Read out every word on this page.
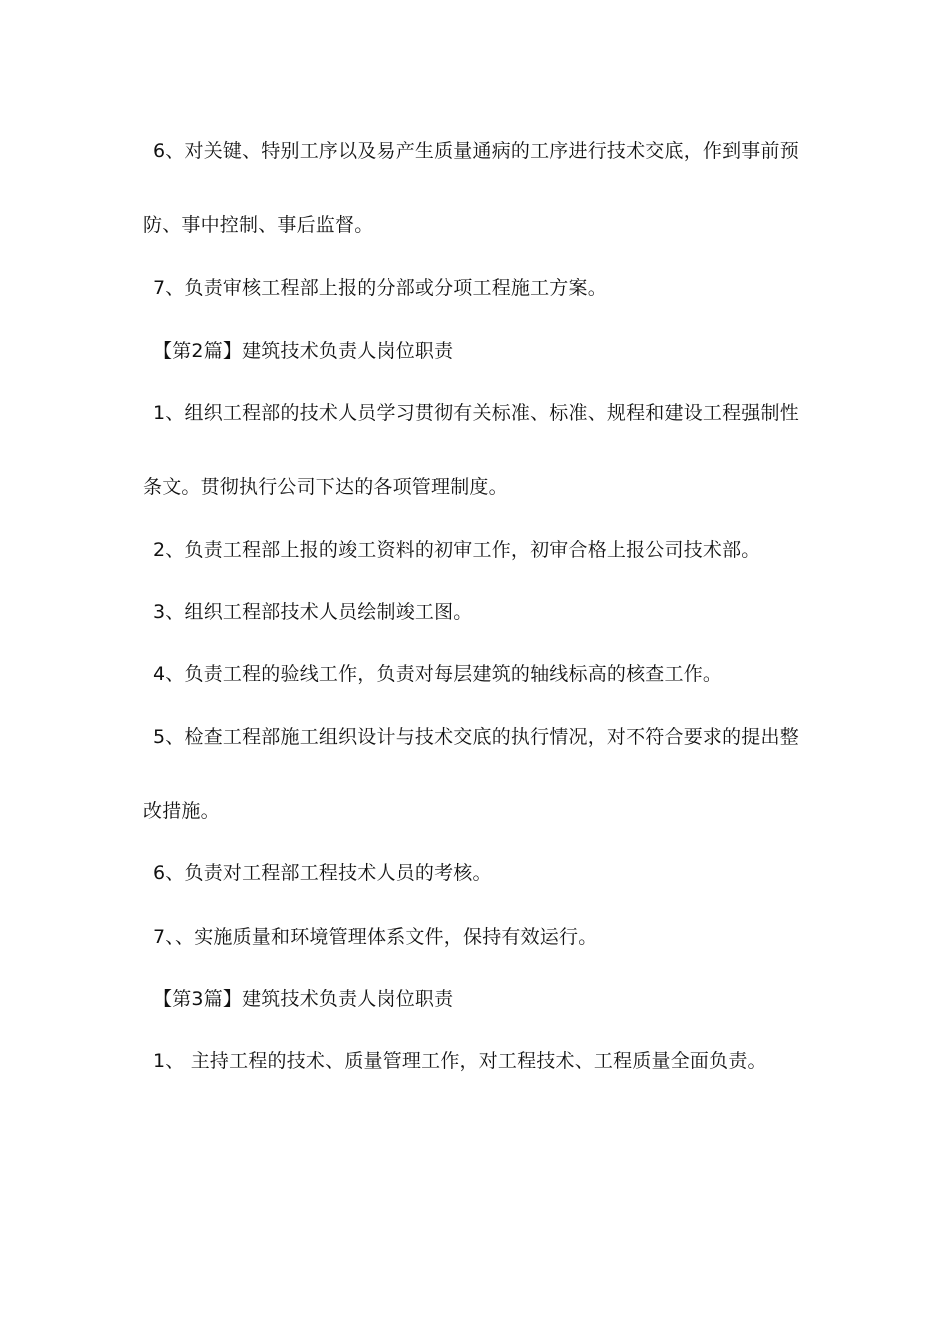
6、对关键、特别工序以及易产生质量通病的工序进行技术交底，作到事前预
防、事中控制、事后监督。
7、负责审核工程部上报的分部或分项工程施工方案。
【第2篇】建筑技术负责人岗位职责
1、组织工程部的技术人员学习贯彻有关标准、标准、规程和建设工程强制性
条文。贯彻执行公司下达的各项管理制度。
2、负责工程部上报的竣工资料的初审工作，初审合格上报公司技术部。
3、组织工程部技术人员绘制竣工图。
4、负责工程的验线工作，负责对每层建筑的轴线标高的核查工作。
5、检查工程部施工组织设计与技术交底的执行情况，对不符合要求的提出整
改措施。
6、负责对工程部工程技术人员的考核。
7、、实施质量和环境管理体系文件，保持有效运行。
【第3篇】建筑技术负责人岗位职责
1、 主持工程的技术、质量管理工作，对工程技术、工程质量全面负责。
